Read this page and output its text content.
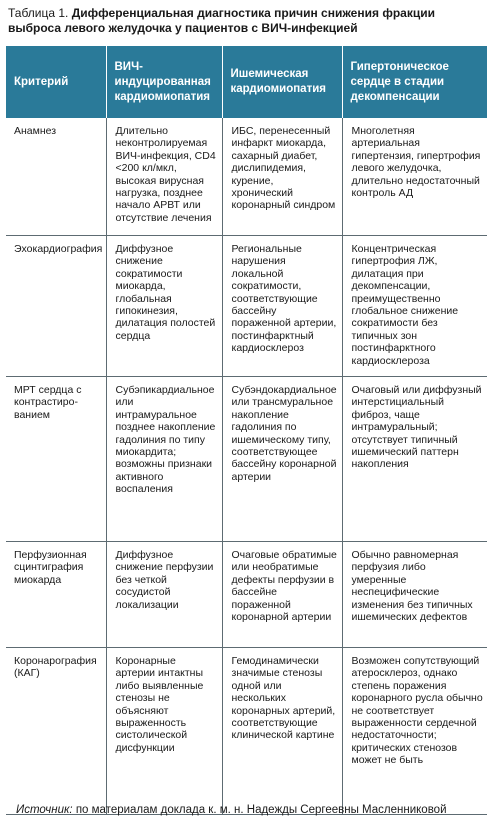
Таблица 1. Дифференциальная диагностика причин снижения фракции выброса левого желудочка у пациентов с ВИЧ-инфекцией
Критерий	ВИЧ-индуцированная кардиомиопатия	Ишемическая кардиомиопатия	Гипертоническое сердце в стадии декомпенсации
Анамнез	Длительно неконтролируемая ВИЧ-инфекция, CD4 <200 кл/мкл, высокая вирусная нагрузка, позднее начало АРВТ или отсутствие лечения	ИБС, перенесенный инфаркт миокарда, сахарный диабет, дислипидемия, курение, хронический коронарный синдром	Многолетняя артериальная гипертензия, гипертрофия левого желудочка, длительно недостаточный контроль АД
Эхокардиография	Диффузное снижение сократимости миокарда, глобальная гипокинезия, дилатация полостей сердца	Региональные нарушения локальной сократимости, соответствующие бассейну пораженной артерии, постинфарктный кардиосклероз	Концентрическая гипертрофия ЛЖ, дилатация при декомпенсации, преимущественно глобальное снижение сократимости без типичных зон постинфарктного кардиосклероза
МРТ сердца с контрастиро-ванием	Субэпикардиальное или интрамуральное позднее накопление гадолиния по типу миокардита; возможны признаки активного воспаления	Субэндокардиальное или трансмуральное накопление гадолиния по ишемическому типу, соответствующее бассейну коронарной артерии	Очаговый или диффузный интерстициальный фиброз, чаще интрамуральный; отсутствует типичный ишемический паттерн накопления
Перфузионная сцинтиграфия миокарда	Диффузное снижение перфузии без четкой сосудистой локализации	Очаговые обратимые или необратимые дефекты перфузии в бассейне пораженной коронарной артерии	Обычно равномерная перфузия либо умеренные неспецифические изменения без типичных ишемических дефектов
Коронарография (КАГ)	Коронарные артерии интактны либо выявленные стенозы не объясняют выраженность систолической дисфункции	Гемодинамически значимые стенозы одной или нескольких коронарных артерий, соответствующие клинической картине	Возможен сопутствующий атеросклероз, однако степень поражения коронарного русла обычно не соответствует выраженности сердечной недостаточности; критических стенозов может не быть
Источник: по материалам доклада к. м. н. Надежды Сергеевны Масленниковой
